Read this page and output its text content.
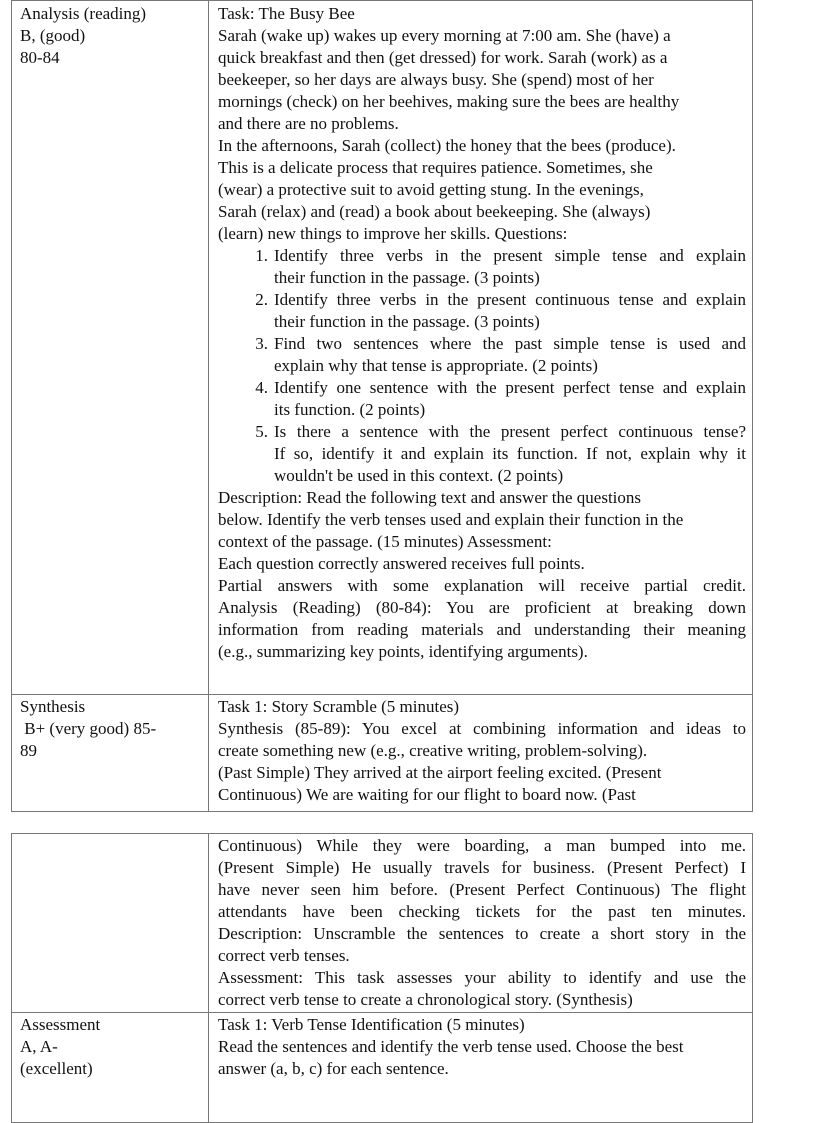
Analysis (reading)
B, (good)
80-84
Task: The Busy Bee
Sarah (wake up) wakes up every morning at 7:00 am. She (have) a
quick breakfast and then (get dressed) for work. Sarah (work) as a
beekeeper, so her days are always busy. She (spend) most of her
mornings (check) on her beehives, making sure the bees are healthy
and there are no problems.
In the afternoons, Sarah (collect) the honey that the bees (produce).
This is a delicate process that requires patience. Sometimes, she
(wear) a protective suit to avoid getting stung. In the evenings,
Sarah (relax) and (read) a book about beekeeping. She (always)
(learn) new things to improve her skills. Questions:
1. Identify three verbs in the present simple tense and explain
their function in the passage. (3 points)
2. Identify three verbs in the present continuous tense and explain
their function in the passage. (3 points)
3. Find two sentences where the past simple tense is used and
explain why that tense is appropriate. (2 points)
4. Identify one sentence with the present perfect tense and explain
its function. (2 points)
5. Is there a sentence with the present perfect continuous tense?
If so, identify it and explain its function. If not, explain why it
wouldn't be used in this context. (2 points)
Description: Read the following text and answer the questions
below. Identify the verb tenses used and explain their function in the
context of the passage. (15 minutes) Assessment:
Each question correctly answered receives full points.
Partial answers with some explanation will receive partial credit.
Analysis (Reading) (80-84): You are proficient at breaking down
information from reading materials and understanding their meaning
(e.g., summarizing key points, identifying arguments).
Synthesis
B+ (very good) 85-
89
Task 1: Story Scramble (5 minutes)
Synthesis (85-89): You excel at combining information and ideas to
create something new (e.g., creative writing, problem-solving).
(Past Simple) They arrived at the airport feeling excited. (Present
Continuous) We are waiting for our flight to board now. (Past
Continuous) While they were boarding, a man bumped into me.
(Present Simple) He usually travels for business. (Present Perfect) I
have never seen him before. (Present Perfect Continuous) The flight
attendants have been checking tickets for the past ten minutes.
Description: Unscramble the sentences to create a short story in the
correct verb tenses.
Assessment: This task assesses your ability to identify and use the
correct verb tense to create a chronological story. (Synthesis)
Assessment
A, A-
(excellent)
Task 1: Verb Tense Identification (5 minutes)
Read the sentences and identify the verb tense used. Choose the best
answer (a, b, c) for each sentence.
